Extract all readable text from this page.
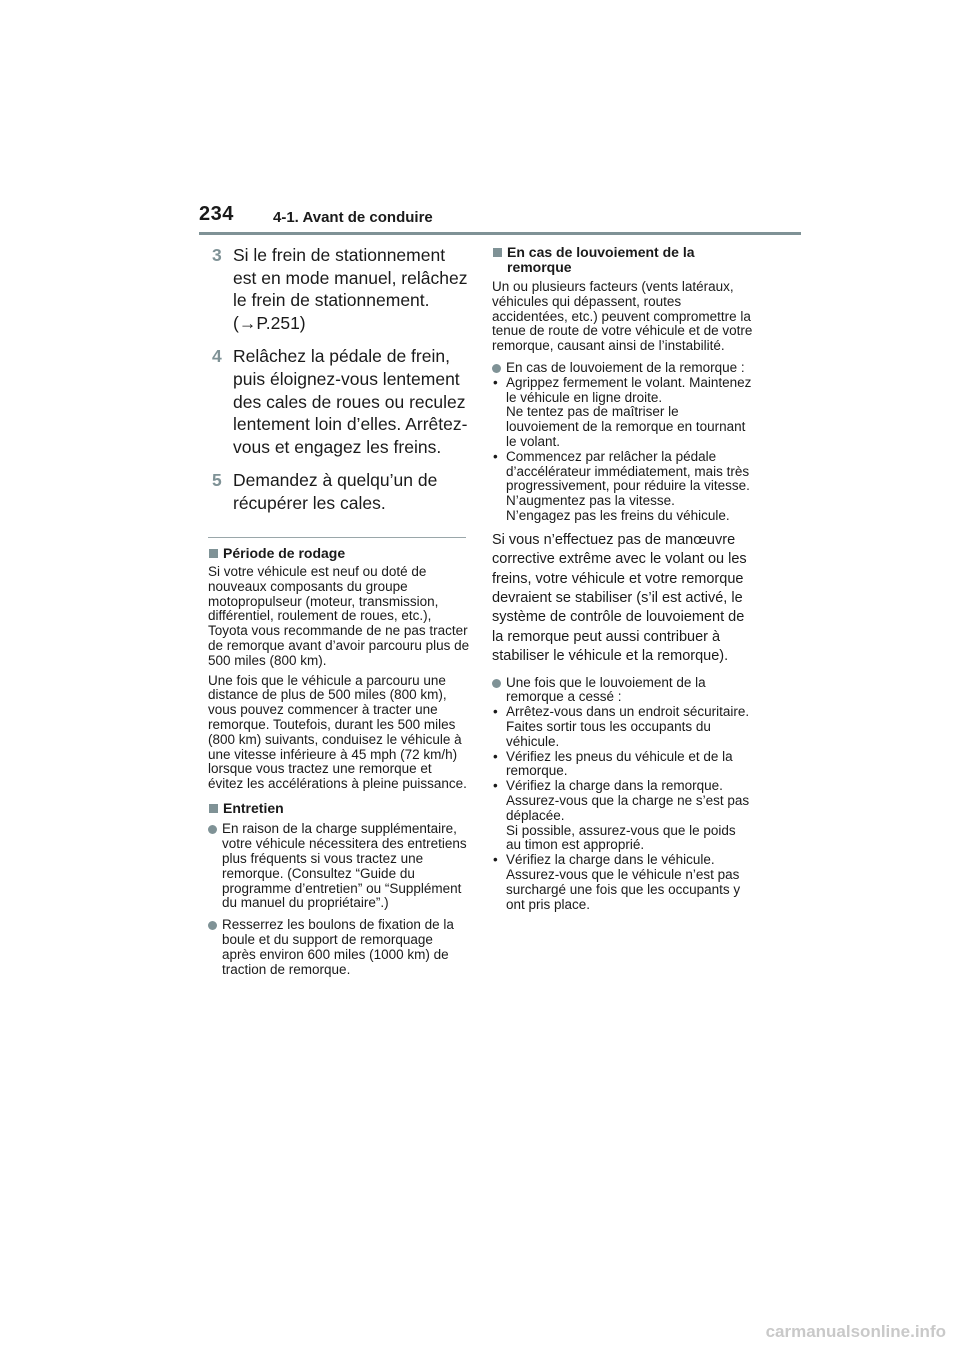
234	4-1. Avant de conduire
3 Si le frein de stationnement est en mode manuel, relâchez le frein de stationnement. (→P.251)
4 Relâchez la pédale de frein, puis éloignez-vous lentement des cales de roues ou reculez lentement loin d’elles. Arrêtez-vous et engagez les freins.
5 Demandez à quelqu’un de récupérer les cales.
Période de rodage

Si votre véhicule est neuf ou doté de nouveaux composants du groupe motopropulseur (moteur, transmission, différentiel, roulement de roues, etc.), Toyota vous recommande de ne pas tracter de remorque avant d’avoir parcouru plus de 500 miles (800 km).

Une fois que le véhicule a parcouru une distance de plus de 500 miles (800 km), vous pouvez commencer à tracter une remorque. Toutefois, durant les 500 miles (800 km) suivants, conduisez le véhicule à une vitesse inférieure à 45 mph (72 km/h) lorsque vous tractez une remorque et évitez les accélérations à pleine puissance.

Entretien
En raison de la charge supplémentaire, votre véhicule nécessitera des entretiens plus fréquents si vous tractez une remorque. (Consultez “Guide du programme d’entretien” ou “Supplément du manuel du propriétaire”.)
Resserrez les boulons de fixation de la boule et du support de remorquage après environ 600 miles (1000 km) de traction de remorque.
En cas de louvoiement de la remorque

Un ou plusieurs facteurs (vents latéraux, véhicules qui dépassent, routes accidentées, etc.) peuvent compromettre la tenue de route de votre véhicule et de votre remorque, causant ainsi de l’instabilité.

En cas de louvoiement de la remorque :
• Agrippez fermement le volant. Maintenez le véhicule en ligne droite.
Ne tentez pas de maîtriser le louvoiement de la remorque en tournant le volant.
• Commencez par relâcher la pédale d’accélérateur immédiatement, mais très progressivement, pour réduire la vitesse.
N’augmentez pas la vitesse.
N’engagez pas les freins du véhicule.

Si vous n’effectuez pas de manœuvre corrective extrême avec le volant ou les freins, votre véhicule et votre remorque devraient se stabiliser (s’il est activé, le système de contrôle de louvoiement de la remorque peut aussi contribuer à stabiliser le véhicule et la remorque).

Une fois que le louvoiement de la remorque a cessé :
• Arrêtez-vous dans un endroit sécuritaire. Faites sortir tous les occupants du véhicule.
• Vérifiez les pneus du véhicule et de la remorque.
• Vérifiez la charge dans la remorque.
Assurez-vous que la charge ne s’est pas déplacée.
Si possible, assurez-vous que le poids au timon est approprié.
• Vérifiez la charge dans le véhicule.
Assurez-vous que le véhicule n’est pas surchargé une fois que les occupants y ont pris place.
carmanualsonline.info
